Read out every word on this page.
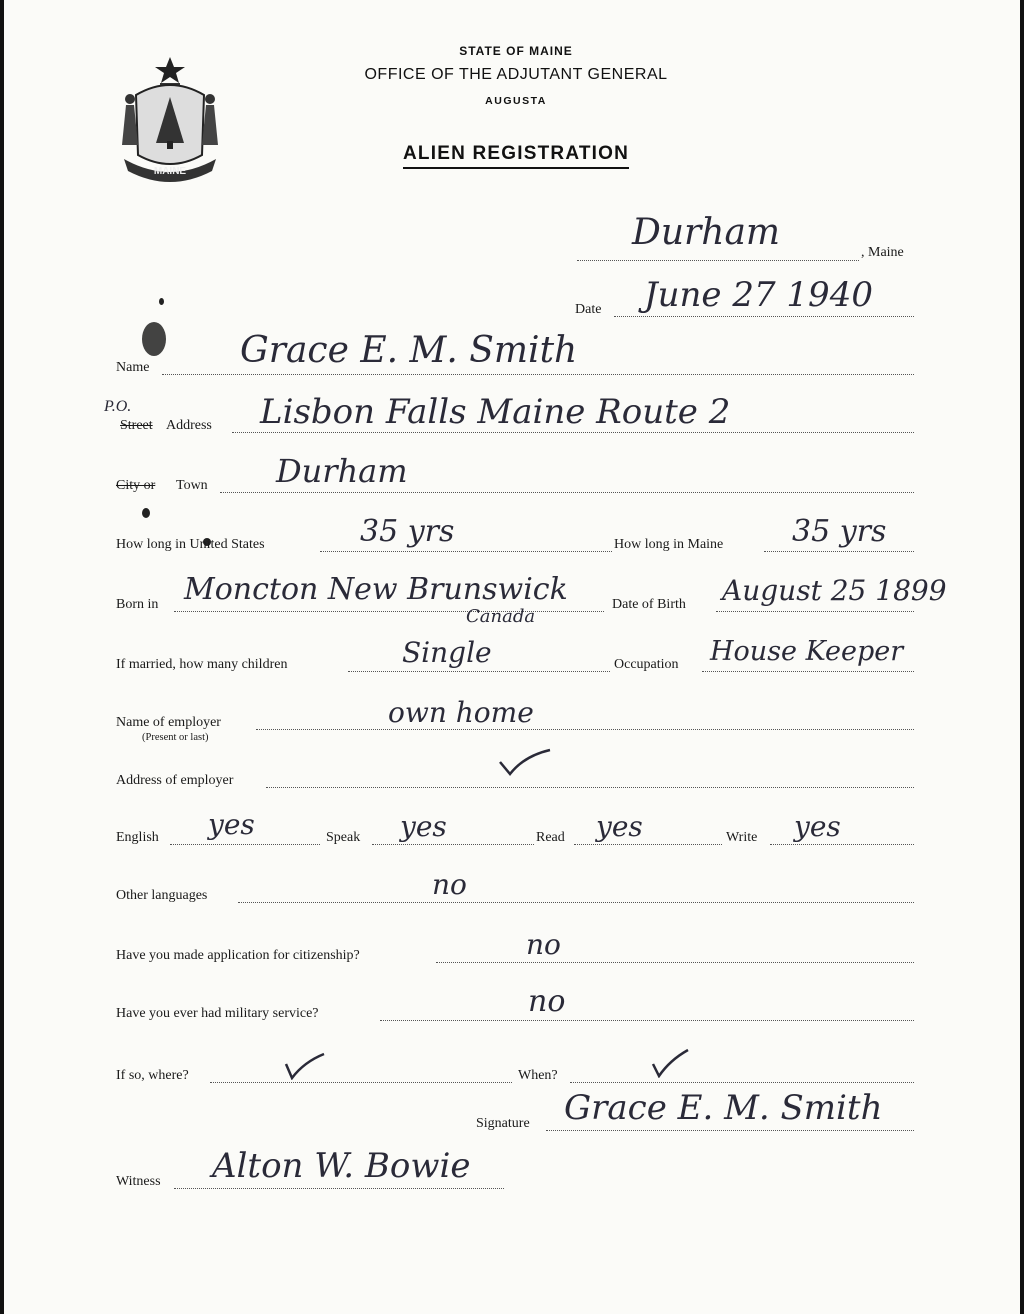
MAINE
STATE OF MAINE
OFFICE OF THE ADJUTANT GENERAL
AUGUSTA
ALIEN REGISTRATION
Durham	, Maine
Date June 27 1940
Name	Grace E. M. Smith
P.O.
Street Address Lisbon Falls Maine Route 2
City or Town Durham
How long in United States	35 yrs	How long in Maine 35 yrs
Born in Moncton New Brunswick
Canada
Date of Birth August 25 1899
If married, how many children	Single	Occupation House Keeper
Name of employer
(Present or last)
own home
Address of employer
English yes	Speak yes	Read yes	Write yes
Other languages	no
Have you made application for citizenship?	no
Have you ever had military service?	no
If so, where?	When?
Signature Grace E. M. Smith
Witness Alton W. Bowie
